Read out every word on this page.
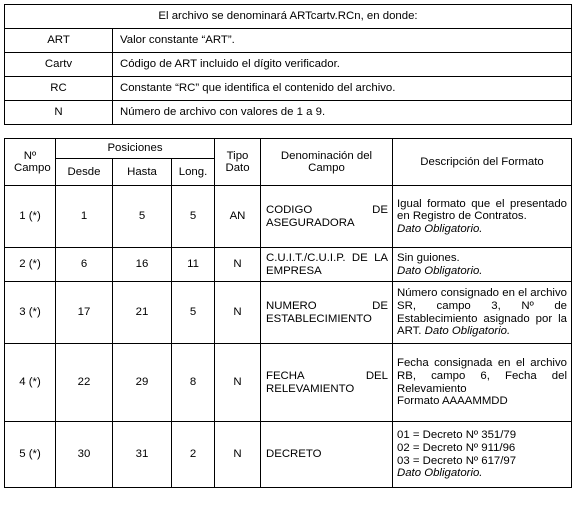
El archivo se denominará ARTcartv.RCn, en donde:	
ART	Valor constante “ART”.
Cartv	Código de ART incluido el dígito verificador.
RC	Constante “RC” que identifica el contenido del archivo.
N	Número de archivo con valores de 1 a 9.
Nº Campo	Posiciones			Tipo Dato	Denominación del Campo	Descripción del Formato
	Desde	Hasta	Long.			
1 (*)	1	5	5	AN	CODIGO DE ASEGURADORA	Igual formato que el presentado en Registro de Contratos.
Dato Obligatorio.

2 (*)	6	16	11	N	C.U.I.T./C.U.I.P. DE LA EMPRESA	Sin guiones.
Dato Obligatorio.

3 (*)	17	21	5	N	NUMERO DE ESTABLECIMIENTO	Número consignado en el archivo SR, campo 3, Nº de Establecimiento asignado por la ART. Dato Obligatorio.
4 (*)	22	29	8	N	FECHA DEL RELEVAMIENTO	Fecha consignada en el archivo RB, campo 6, Fecha del Relevamiento
Formato AAAAMMDD

5 (*)	30	31	2	N	DECRETO	01 = Decreto Nº 351/79
02 = Decreto Nº 911/96
03 = Decreto Nº 617/97
Dato Obligatorio.
